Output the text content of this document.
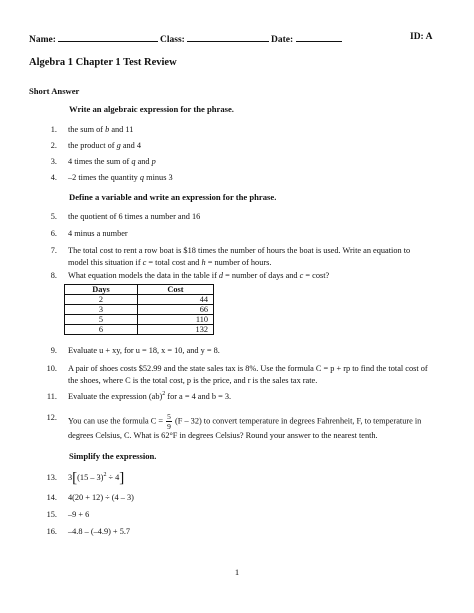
Name:	Class:	Date:	ID: A
Algebra 1 Chapter 1 Test Review
Short Answer
Write an algebraic expression for the phrase.
1. the sum of b and 11
2. the product of g and 4
3. 4 times the sum of q and p
4. –2 times the quantity q minus 3
Define a variable and write an expression for the phrase.
5. the quotient of 6 times a number and 16
6. 4 minus a number
7. The total cost to rent a row boat is $18 times the number of hours the boat is used. Write an equation to
model this situation if c = total cost and h = number of hours.
8. What equation models the data in the table if d = number of days and c = cost?
Days	Cost
2	44
3	66
5	110
6	132
9. Evaluate u + xy, for u = 18, x = 10, and y = 8.
10. A pair of shoes costs $52.99 and the state sales tax is 8%. Use the formula C = p + rp to find the total cost of
the shoes, where C is the total cost, p is the price, and r is the sales tax rate.
11. Evaluate the expression (ab)$^2$ for a = 4 and b = 3.
12. You can use the formula $C = \frac{5}{9} (F - 32)$ to convert temperature in degrees Fahrenheit, F, to temperature in
degrees Celsius, C. What is 62°F in degrees Celsius? Round your answer to the nearest tenth.
Simplify the expression.
13. 3[(15 – 3)$^2$ ÷ 4]
14. 4(20 + 12) ÷ (4 – 3)
15. –9 + 6
16. –4.8 – (–4.9) + 5.7
1
